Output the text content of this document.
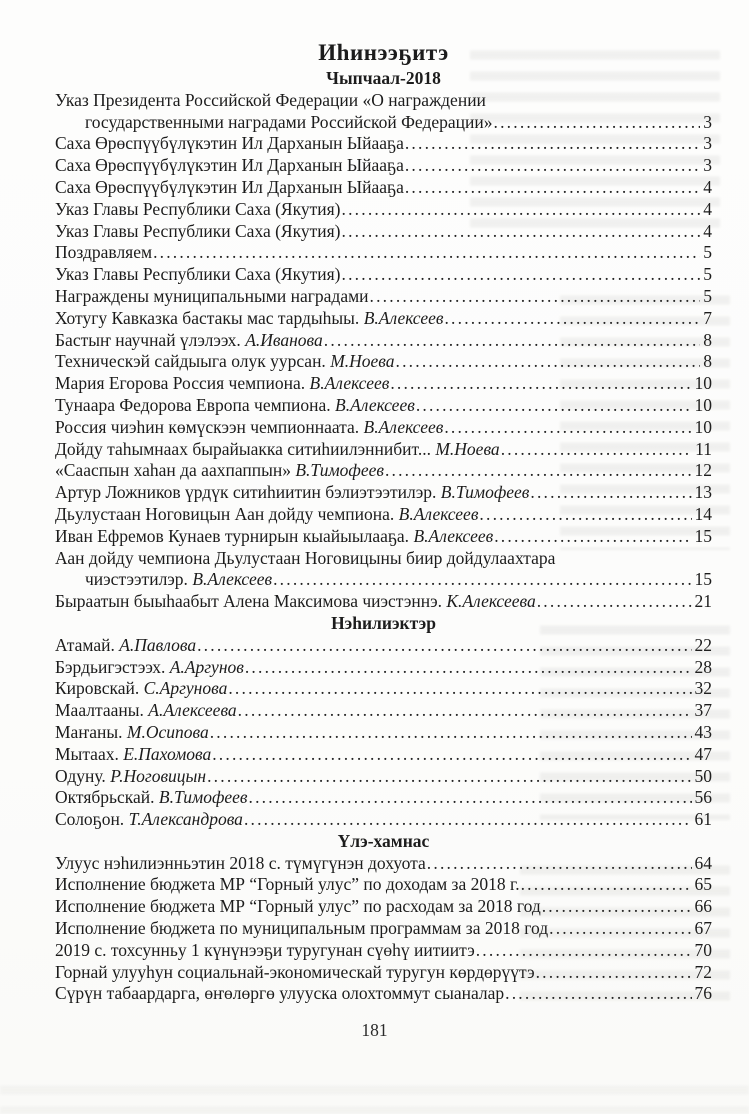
Иһинээҕитэ
Чыпчаал-2018
Указ Президента Российской Федерации «О награждении
государственными наградами Российской Федерации» .....	3
Саха Өрөспүүбүлүкэтин Ил Дарханын Ыйааҕа .....	3
Саха Өрөспүүбүлүкэтин Ил Дарханын Ыйааҕа .....	3
Саха Өрөспүүбүлүкэтин Ил Дарханын Ыйааҕа .....	4
Указ Главы Республики Саха (Якутия) .....	4
Указ Главы Республики Саха (Якутия) .....	4
Поздравляем .....	5
Указ Главы Республики Саха (Якутия) .....	5
Награждены муниципальными наградами .....	5
Хотугу Кавказка бастакы мас тардыһыы. В.Алексеев .....	7
Бастыҥ научнай үлэлээх. А.Иванова .....	8
Техническэй сайдыыга олук уурсан. М.Ноева .....	8
Мария Егорова Россия чемпиона. В.Алексеев .....	10
Тунаара Федорова Европа чемпиона. В.Алексеев .....	10
Россия чиэһин көмүскээн чемпионнаата. В.Алексеев .....	10
Дойду таһымнаах бырайыакка ситиһиилэннибит... М.Ноева .....	11
«Сааспын хаһан да аахпаппын» В.Тимофеев .....	12
Артур Ложников үрдүк ситиһиитин бэлиэтээтилэр. В.Тимофеев .....	13
Дьулустаан Ноговицын Аан дойду чемпиона. В.Алексеев .....	14
Иван Ефремов Кунаев турнирын кыайыылааҕа. В.Алексеев .....	15
Аан дойду чемпиона Дьулустаан Ноговицыны биир дойдулаахтара
чиэстээтилэр. В.Алексеев .....	15
Быраатын быыһаабыт Алена Максимова чиэстэннэ. К.Алексеева .....	21
Нэһилиэктэр
Атамай. А.Павлова .....	22
Бэрдьигэстээх. А.Аргунов .....	28
Кировскай. С.Аргунова .....	32
Маалтааны. А.Алексеева .....	37
Маҥаны. М.Осипова .....	43
Мытаах. Е.Пахомова .....	47
Одуну. Р.Ноговицын .....	50
Октябрьскай. В.Тимофеев .....	56
Солоҕон. Т.Александрова .....	61
Үлэ-хамнас
Улуус нэһилиэнньэтин 2018 с. түмүгүнэн дохуота .....	64
Исполнение бюджета МР “Горный улус” по доходам за 2018 г. .....	65
Исполнение бюджета МР “Горный улус” по расходам за 2018 год .....	66
Исполнение бюджета по муниципальным программам за 2018 год .....	67
2019 с. тохсунньу 1 күнүнээҕи туругунан сүөһү иитиитэ .....	70
Горнай улууһун социальнай-экономическай туругун көрдөрүүтэ .....	72
Сүрүн табаардарга, өҥөлөргө улууска олохтоммут сыаналар .....	76
181
